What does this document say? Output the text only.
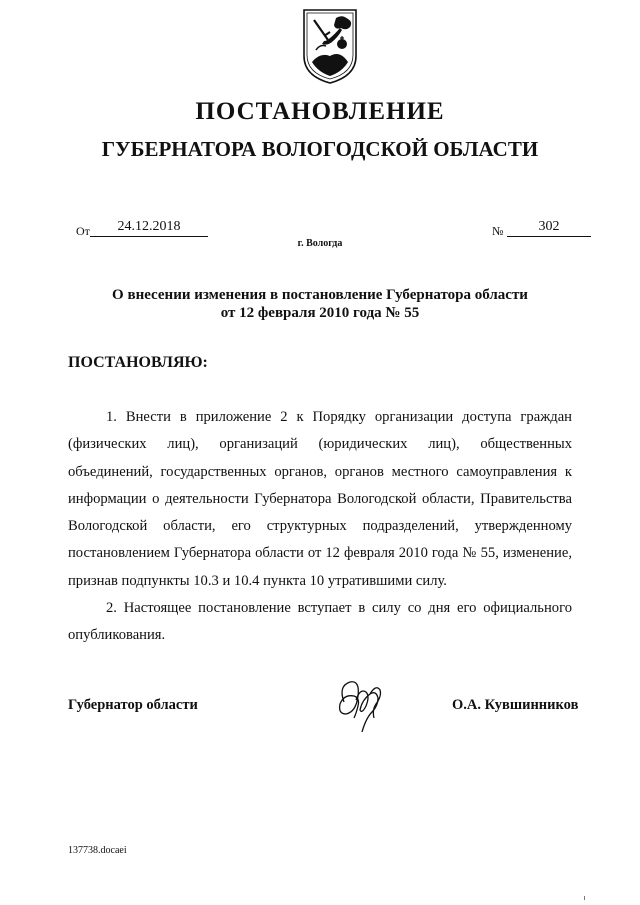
ПОСТАНОВЛЕНИЕ
ГУБЕРНАТОРА ВОЛОГОДСКОЙ ОБЛАСТИ
От	24.12.2018	№	302
г. Вологда
О внесении изменения в постановление Губернатора области
от 12 февраля 2010 года № 55
ПОСТАНОВЛЯЮ:

1. Внести в приложение 2 к Порядку организации доступа граждан (физических лиц), организаций (юридических лиц), общественных объединений, государственных органов, органов местного самоуправления к информации о деятельности Губернатора Вологодской области, Правительства Вологодской области, его структурных подразделений, утвержденному постановлением Губернатора области от 12 февраля 2010 года № 55, изменение, признав подпункты 10.3 и 10.4 пункта 10 утратившими силу.

2. Настоящее постановление вступает в силу со дня его официального опубликования.

Губернатор области	О.А. Кувшинников
137738.docaei
